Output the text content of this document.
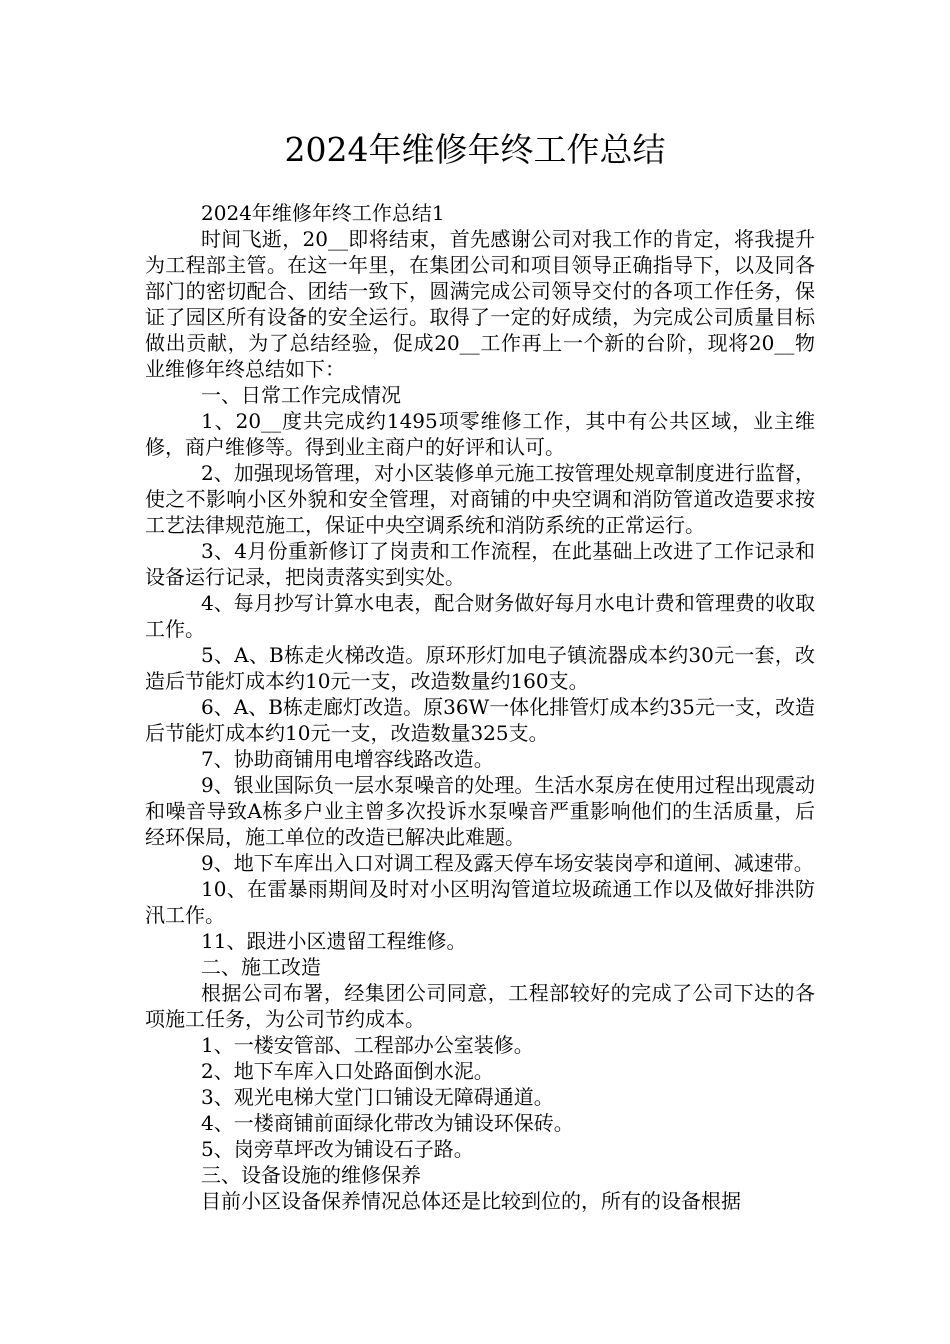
2024年维修年终工作总结

2024年维修年终工作总结1

时间飞逝，20__即将结束，首先感谢公司对我工作的肯定，将我提升为工程部主管。在这一年里，在集团公司和项目领导正确指导下，以及同各部门的密切配合、团结一致下，圆满完成公司领导交付的各项工作任务，保证了园区所有设备的安全运行。取得了一定的好成绩，为完成公司质量目标做出贡献，为了总结经验，促成20__工作再上一个新的台阶，现将20__物业维修年终总结如下：

一、日常工作完成情况

1、20__度共完成约1495项零维修工作，其中有公共区域，业主维修，商户维修等。得到业主商户的好评和认可。

2、加强现场管理，对小区装修单元施工按管理处规章制度进行监督，使之不影响小区外貌和安全管理，对商铺的中央空调和消防管道改造要求按工艺法律规范施工，保证中央空调系统和消防系统的正常运行。

3、4月份重新修订了岗责和工作流程，在此基础上改进了工作记录和设备运行记录，把岗责落实到实处。

4、每月抄写计算水电表，配合财务做好每月水电计费和管理费的收取工作。

5、A、B栋走火梯改造。原环形灯加电子镇流器成本约30元一套，改造后节能灯成本约10元一支，改造数量约160支。

6、A、B栋走廊灯改造。原36W一体化排管灯成本约35元一支，改造后节能灯成本约10元一支，改造数量325支。

7、协助商铺用电增容线路改造。

9、银业国际负一层水泵噪音的处理。生活水泵房在使用过程出现震动和噪音导致A栋多户业主曾多次投诉水泵噪音严重影响他们的生活质量，后经环保局，施工单位的改造已解决此难题。

9、地下车库出入口对调工程及露天停车场安装岗亭和道闸、减速带。

10、在雷暴雨期间及时对小区明沟管道垃圾疏通工作以及做好排洪防汛工作。

11、跟进小区遗留工程维修。

二、施工改造

根据公司布署，经集团公司同意，工程部较好的完成了公司下达的各项施工任务，为公司节约成本。

1、一楼安管部、工程部办公室装修。

2、地下车库入口处路面倒水泥。

3、观光电梯大堂门口铺设无障碍通道。

4、一楼商铺前面绿化带改为铺设环保砖。

5、岗旁草坪改为铺设石子路。

三、设备设施的维修保养

目前小区设备保养情况总体还是比较到位的，所有的设备根据
